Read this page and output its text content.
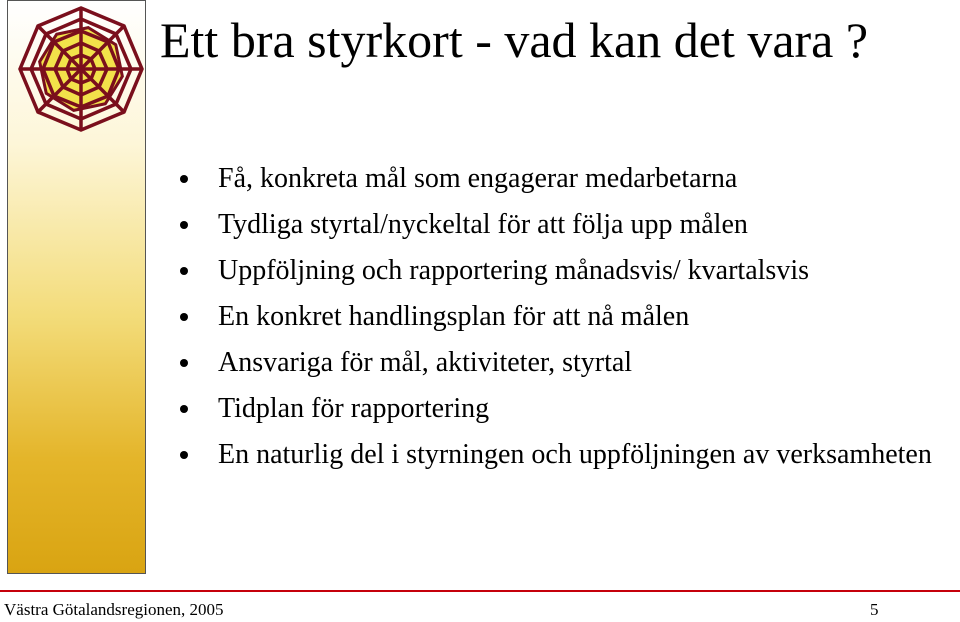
Ett bra styrkort - vad kan det vara ?
Få, konkreta mål som engagerar medarbetarna
Tydliga styrtal/nyckeltal för att följa upp målen
Uppföljning och rapportering månadsvis/ kvartalsvis
En konkret handlingsplan för att nå målen
Ansvariga för mål, aktiviteter, styrtal
Tidplan för rapportering
En naturlig del i styrningen och uppföljningen av verksamheten
Västra Götalandsregionen, 2005	5
